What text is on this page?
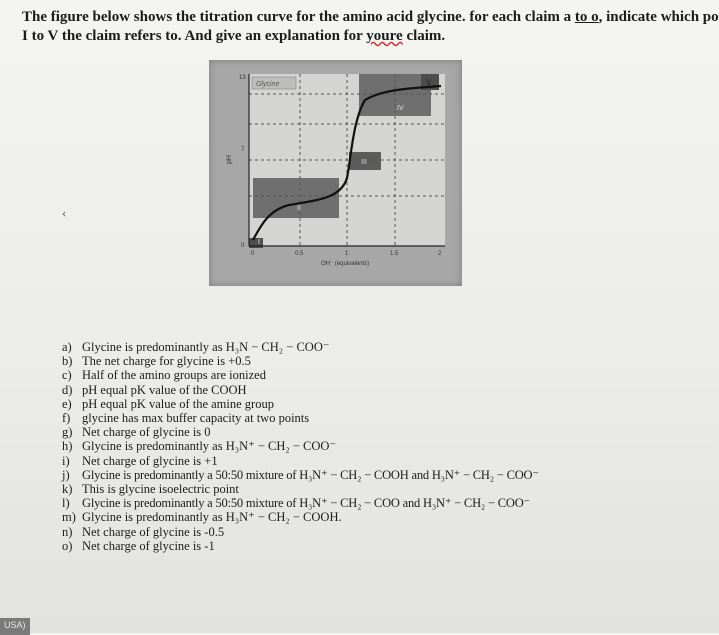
The figure below shows the titration curve for the amino acid glycine. for each claim a to o, indicate which po
I to V the claim refers to. And give an explanation for youre claim.
Glycine
I
II
III
IV
V
pH
13
7
0
0	0.5	1	1.5	2
OH⁻ (equivalents)
‹
a) Glycine is predominantly as H₃N − CH₂ − COO⁻
b) The net charge for glycine is +0.5
c) Half of the amino groups are ionized
d) pH equal pK value of the COOH
e) pH equal pK value of the amine group
f) glycine has max buffer capacity at two points
g) Net charge of glycine is 0
h) Glycine is predominantly as H₃N⁺ − CH₂ − COO⁻
i) Net charge of glycine is +1
j) Glycine is predominantly a 50:50 mixture of H₃N⁺ − CH₂ − COOH and H₃N⁺ − CH₂ − COO⁻
k) This is glycine isoelectric point
l) Glycine is predominantly a 50:50 mixture of H₃N⁺ − CH₂ − COO and H₃N⁺ − CH₂ − COO⁻
m) Glycine is predominantly as H₃N⁺ − CH₂ − COOH.
n) Net charge of glycine is -0.5
o) Net charge of glycine is -1
USA)
